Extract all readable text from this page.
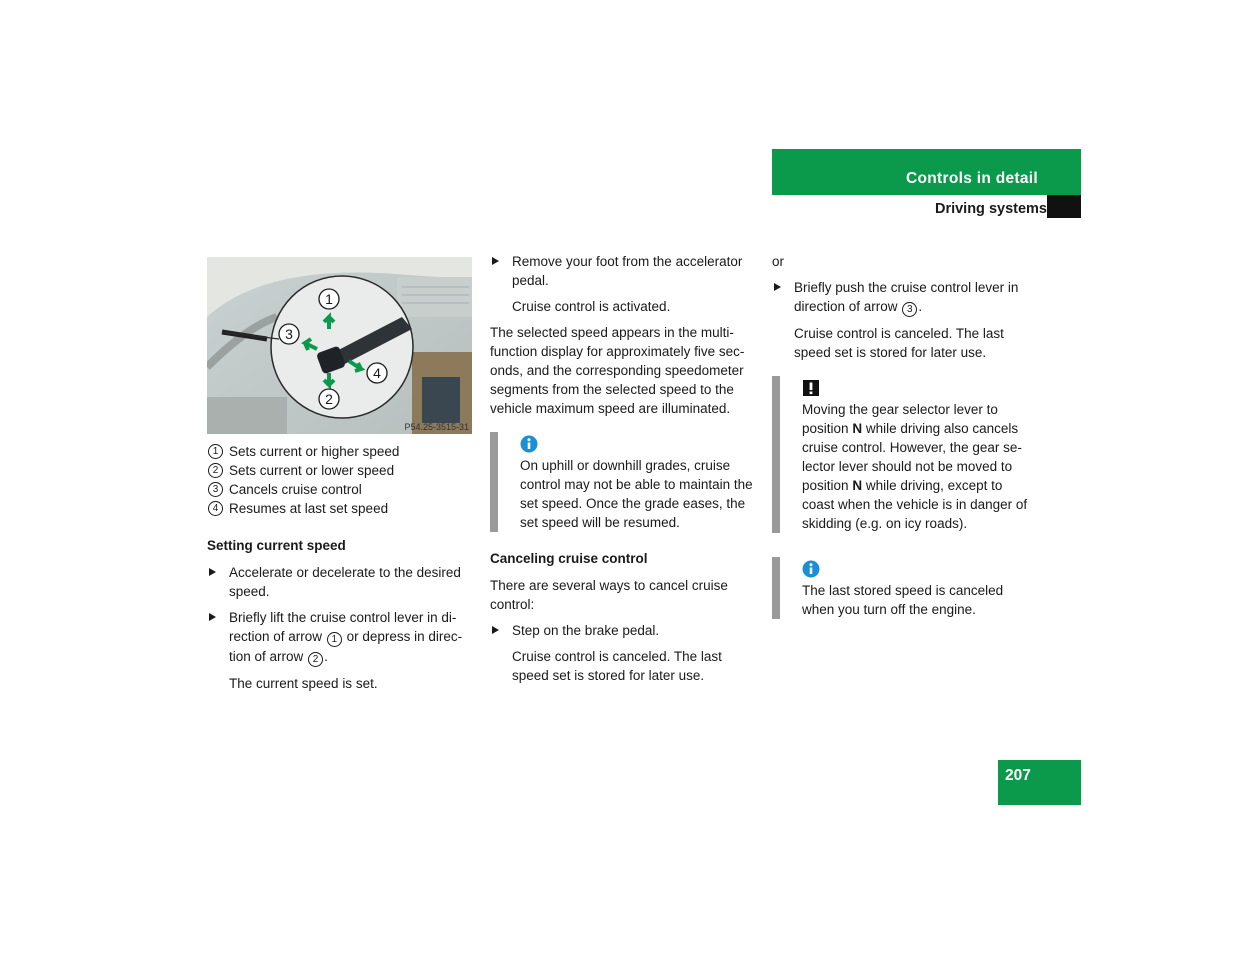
Controls in detail
Driving systems
1
2
3
4
P54.25-3515-31
1 Sets current or higher speed
2 Sets current or lower speed
3 Cancels cruise control
4 Resumes at last set speed

Setting current speed

Accelerate or decelerate to the desired speed.

Briefly lift the cruise control lever in di-rection of arrow 1 or depress in direc-tion of arrow 2 .

The current speed is set.

Remove your foot from the accelerator pedal.

Cruise control is activated.

The selected speed appears in the multi-function display for approximately five sec-onds, and the corresponding speedometer segments from the selected speed to the vehicle maximum speed are illuminated.

On uphill or downhill grades, cruise control may not be able to maintain the set speed. Once the grade eases, the set speed will be resumed.

Canceling cruise control

There are several ways to cancel cruise control:

Step on the brake pedal.

Cruise control is canceled. The last speed set is stored for later use.

or

Briefly push the cruise control lever in direction of arrow 3 .

Cruise control is canceled. The last speed set is stored for later use.

Moving the gear selector lever to position N while driving also cancels cruise control. However, the gear se-lector lever should not be moved to position N while driving, except to coast when the vehicle is in danger of skidding (e.g. on icy roads).

The last stored speed is canceled when you turn off the engine.

207
